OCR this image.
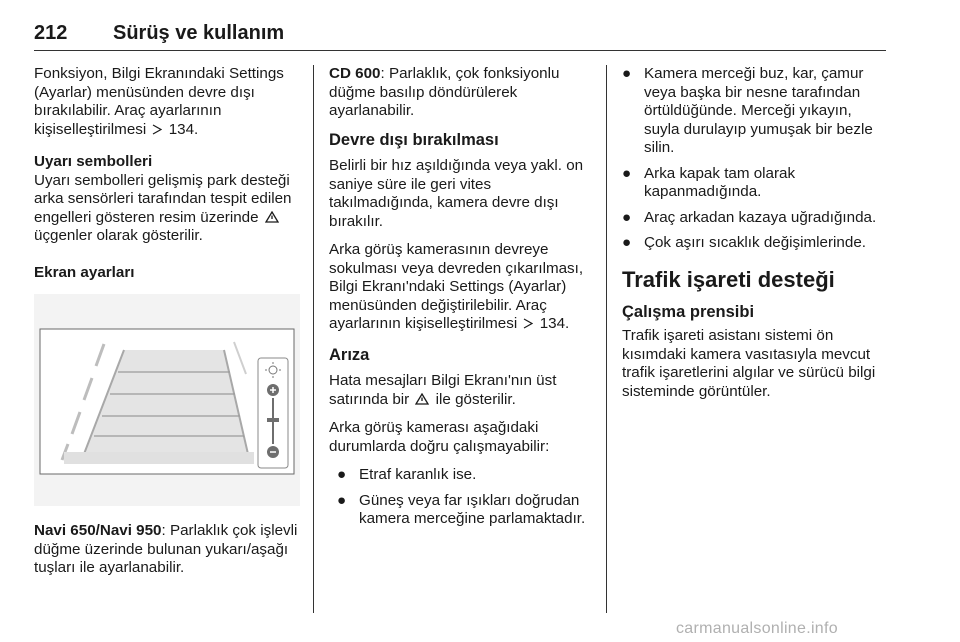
212 Sürüş ve kullanım

Fonksiyon, Bilgi Ekranındaki Settings (Ayarlar) menüsünden devre dışı bırakılabilir. Araç ayarlarının kişiselleştirilmesi 134.

Uyarı sembolleri

Uyarı sembolleri gelişmiş park desteği arka sensörleri tarafından tespit edilen engelleri gösteren resim üzerinde  üçgenler olarak gösterilir.

Ekran ayarları

Navi 650/Navi 950: Parlaklık çok işlevli düğme üzerinde bulunan yukarı/aşağı tuşları ile ayarlanabilir.

CD 600: Parlaklık, çok fonksiyonlu düğme basılıp döndürülerek ayarlanabilir.

Devre dışı bırakılması

Belirli bir hız aşıldığında veya yakl. on saniye süre ile geri vites takılmadığında, kamera devre dışı bırakılır.

Arka görüş kamerasının devreye sokulması veya devreden çıkarılması, Bilgi Ekranı'ndaki Settings (Ayarlar) menüsünden değiştirilebilir. Araç ayarlarının kişiselleştirilmesi 134.

Arıza

Hata mesajları Bilgi Ekranı'nın üst satırında bir ile gösterilir.

Arka görüş kamerası aşağıdaki durumlarda doğru çalışmayabilir:

● Etraf karanlık ise.
● Güneş veya far ışıkları doğrudan kamera merceğine parlamaktadır.
● Kamera merceği buz, kar, çamur veya başka bir nesne tarafından örtüldüğünde. Merceği yıkayın, suyla durulayıp yumuşak bir bezle silin.
● Arka kapak tam olarak kapanmadığında.
● Araç arkadan kazaya uğradığında.
● Çok aşırı sıcaklık değişimlerinde.
Trafik işareti desteği
Çalışma prensibi

Trafik işareti asistanı sistemi ön kısımdaki kamera vasıtasıyla mevcut trafik işaretlerini algılar ve sürücü bilgi sisteminde görüntüler.

carmanualsonline.info
